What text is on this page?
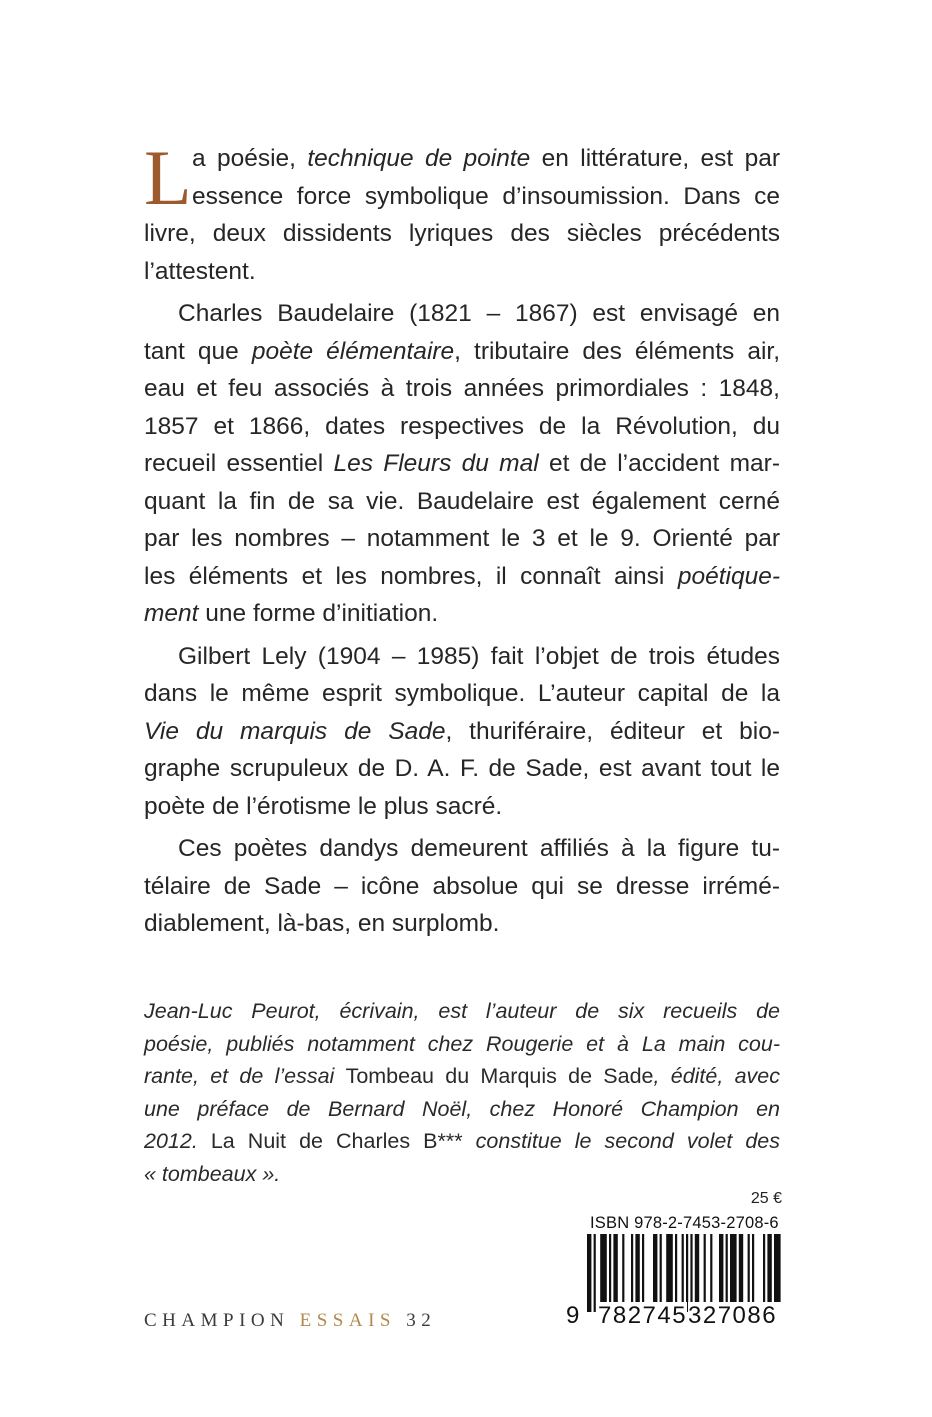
L a poésie, technique de pointe en littérature, est par
essence force symbolique d’insoumission. Dans ce
livre, deux dissidents lyriques des siècles précédents
l’attestent.
Charles Baudelaire (1821 – 1867) est envisagé en
tant que poète élémentaire, tributaire des éléments air,
eau et feu associés à trois années primordiales : 1848,
1857 et 1866, dates respectives de la Révolution, du
recueil essentiel Les Fleurs du mal et de l’accident mar-
quant la fin de sa vie. Baudelaire est également cerné
par les nombres – notamment le 3 et le 9. Orienté par
les éléments et les nombres, il connaît ainsi poétique-
ment une forme d’initiation.
Gilbert Lely (1904 – 1985) fait l’objet de trois études
dans le même esprit symbolique. L’auteur capital de la
Vie du marquis de Sade, thuriféraire, éditeur et bio-
graphe scrupuleux de D. A. F. de Sade, est avant tout le
poète de l’érotisme le plus sacré.
Ces poètes dandys demeurent affiliés à la figure tu-
télaire de Sade – icône absolue qui se dresse irrémé-
diablement, là-bas, en surplomb.
Jean-Luc Peurot, écrivain, est l’auteur de six recueils de
poésie, publiés notamment chez Rougerie et à La main cou-
rante, et de l’essai Tombeau du Marquis de Sade, édité, avec
une préface de Bernard Noël, chez Honoré Champion en
2012. La Nuit de Charles B*** constitue le second volet des
« tombeaux ».
25 €
ISBN 978-2-7453-2708-6
9 782745 327086
CHAMPION ESSAIS 32
